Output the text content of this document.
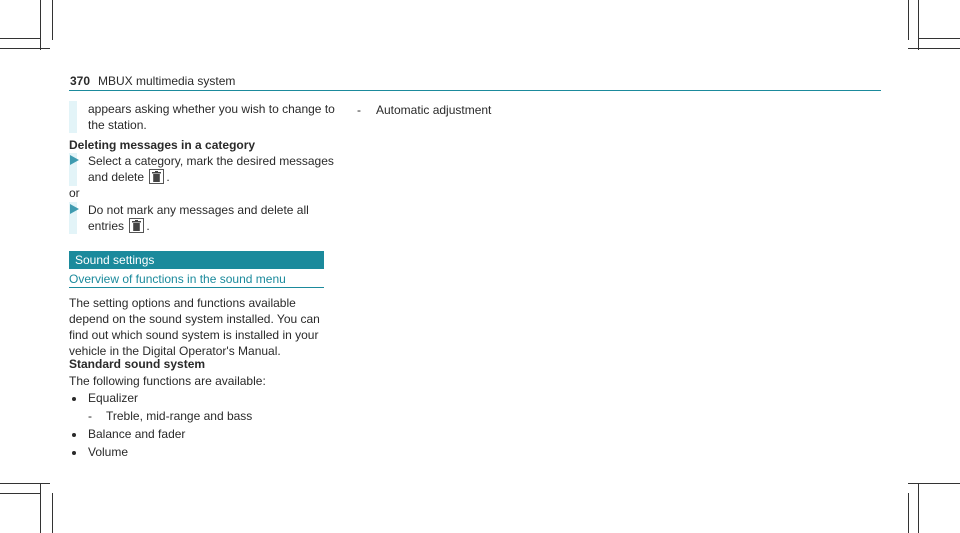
370 MBUX multimedia system
appears asking whether you wish to change to
the station.
Deleting messages in a category
Select a category, mark the desired messages
and delete .
or
Do not mark any messages and delete all
entries .
Sound settings
Overview of functions in the sound menu
The setting options and functions available
depend on the sound system installed. You can
find out which sound system is installed in your
vehicle in the Digital Operator's Manual.
Standard sound system
The following functions are available:
Equalizer
- Treble, mid-range and bass
Balance and fader
Volume
- Automatic adjustment
